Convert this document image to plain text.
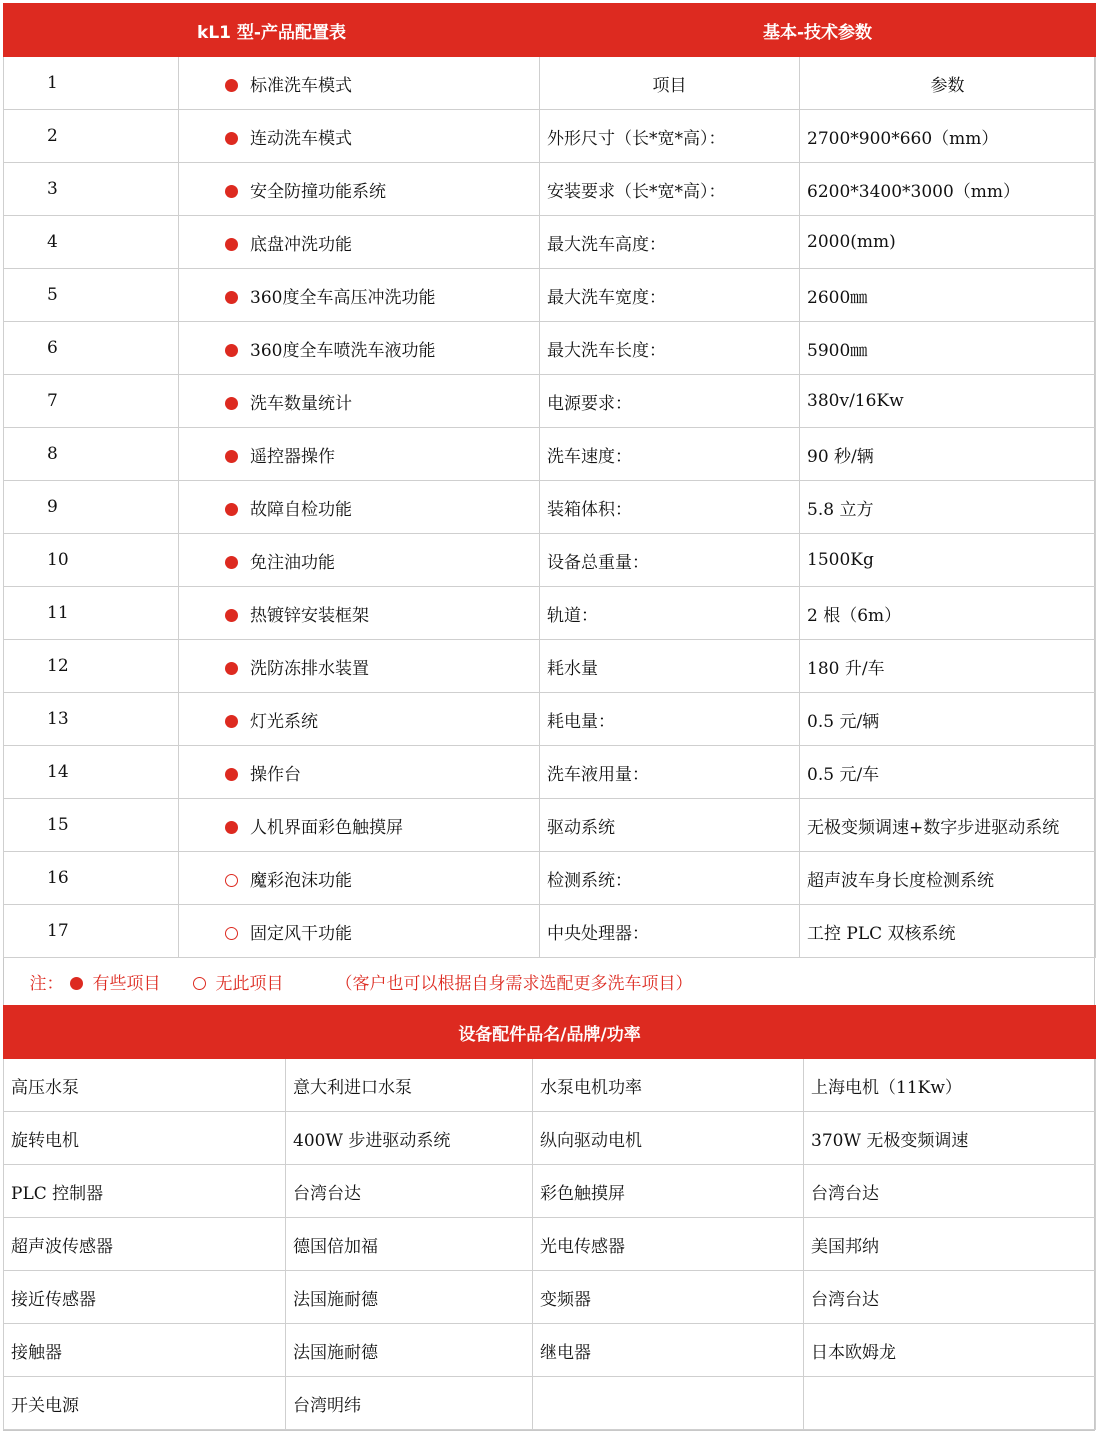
kL1 型-产品配置表		基本-技术参数	
1	标准洗车模式	项目	参数
2	连动洗车模式	外形尺寸（长*宽*高）：	2700*900*660（mm）
3	安全防撞功能系统	安装要求（长*宽*高）：	6200*3400*3000（mm）
4	底盘冲洗功能	最大洗车高度：	2000(mm)
5	360度全车高压冲洗功能	最大洗车宽度：	2600㎜
6	360度全车喷洗车液功能	最大洗车长度：	5900㎜
7	洗车数量统计	电源要求：	380v/16Kw
8	遥控器操作	洗车速度：	90 秒/辆
9	故障自检功能	装箱体积：	5.8 立方
10	免注油功能	设备总重量：	1500Kg
11	热镀锌安装框架	轨道：	2 根（6m）
12	洗防冻排水装置	耗水量	180 升/车
13	灯光系统	耗电量：	0.5 元/辆
14	操作台	洗车液用量：	0.5 元/车
15	人机界面彩色触摸屏	驱动系统	无极变频调速+数字步进驱动系统
16	魔彩泡沫功能	检测系统：	超声波车身长度检测系统
17	固定风干功能	中央处理器：	工控 PLC 双核系统

注： 有些项目 无此项目 （客户也可以根据自身需求选配更多洗车项目）			
设备配件品名/品牌/功率			
高压水泵	意大利进口水泵	水泵电机功率	上海电机（11Kw）
旋转电机	400W 步进驱动系统	纵向驱动电机	370W 无极变频调速
PLC 控制器	台湾台达	彩色触摸屏	台湾台达
超声波传感器	德国倍加福	光电传感器	美国邦纳
接近传感器	法国施耐德	变频器	台湾台达
接触器	法国施耐德	继电器	日本欧姆龙
开关电源	台湾明纬		
